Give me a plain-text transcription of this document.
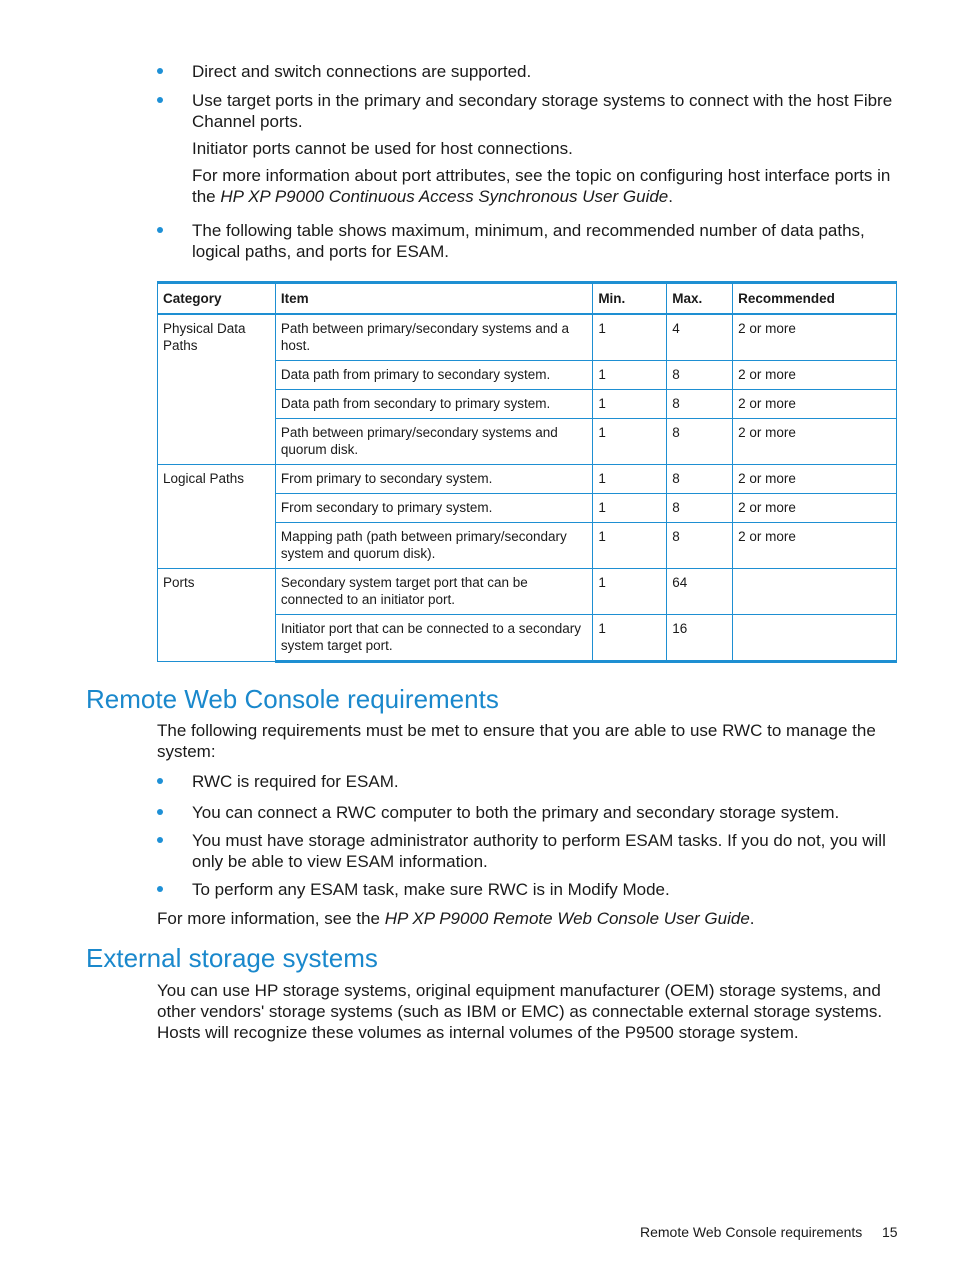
Direct and switch connections are supported.
Use target ports in the primary and secondary storage systems to connect with the host Fibre Channel ports.
Initiator ports cannot be used for host connections.
For more information about port attributes, see the topic on configuring host interface ports in the HP XP P9000 Continuous Access Synchronous User Guide.
The following table shows maximum, minimum, and recommended number of data paths, logical paths, and ports for ESAM.
Category	Item	Min.	Max.	Recommended
Physical Data Paths	Path between primary/secondary systems and a host.	1	4	2 or more
	Data path from primary to secondary system.	1	8	2 or more
	Data path from secondary to primary system.	1	8	2 or more
	Path between primary/secondary systems and quorum disk.	1	8	2 or more
Logical Paths	From primary to secondary system.	1	8	2 or more
	From secondary to primary system.	1	8	2 or more
	Mapping path (path between primary/secondary system and quorum disk).	1	8	2 or more
Ports	Secondary system target port that can be connected to an initiator port.	1	64	
	Initiator port that can be connected to a secondary system target port.	1	16	
Remote Web Console requirements
The following requirements must be met to ensure that you are able to use RWC to manage the system:
RWC is required for ESAM.
You can connect a RWC computer to both the primary and secondary storage system.
You must have storage administrator authority to perform ESAM tasks. If you do not, you will only be able to view ESAM information.
To perform any ESAM task, make sure RWC is in Modify Mode.
For more information, see the HP XP P9000 Remote Web Console User Guide.
External storage systems
You can use HP storage systems, original equipment manufacturer (OEM) storage systems, and other vendors' storage systems (such as IBM or EMC) as connectable external storage systems. Hosts will recognize these volumes as internal volumes of the P9500 storage system.
Remote Web Console requirements 15
